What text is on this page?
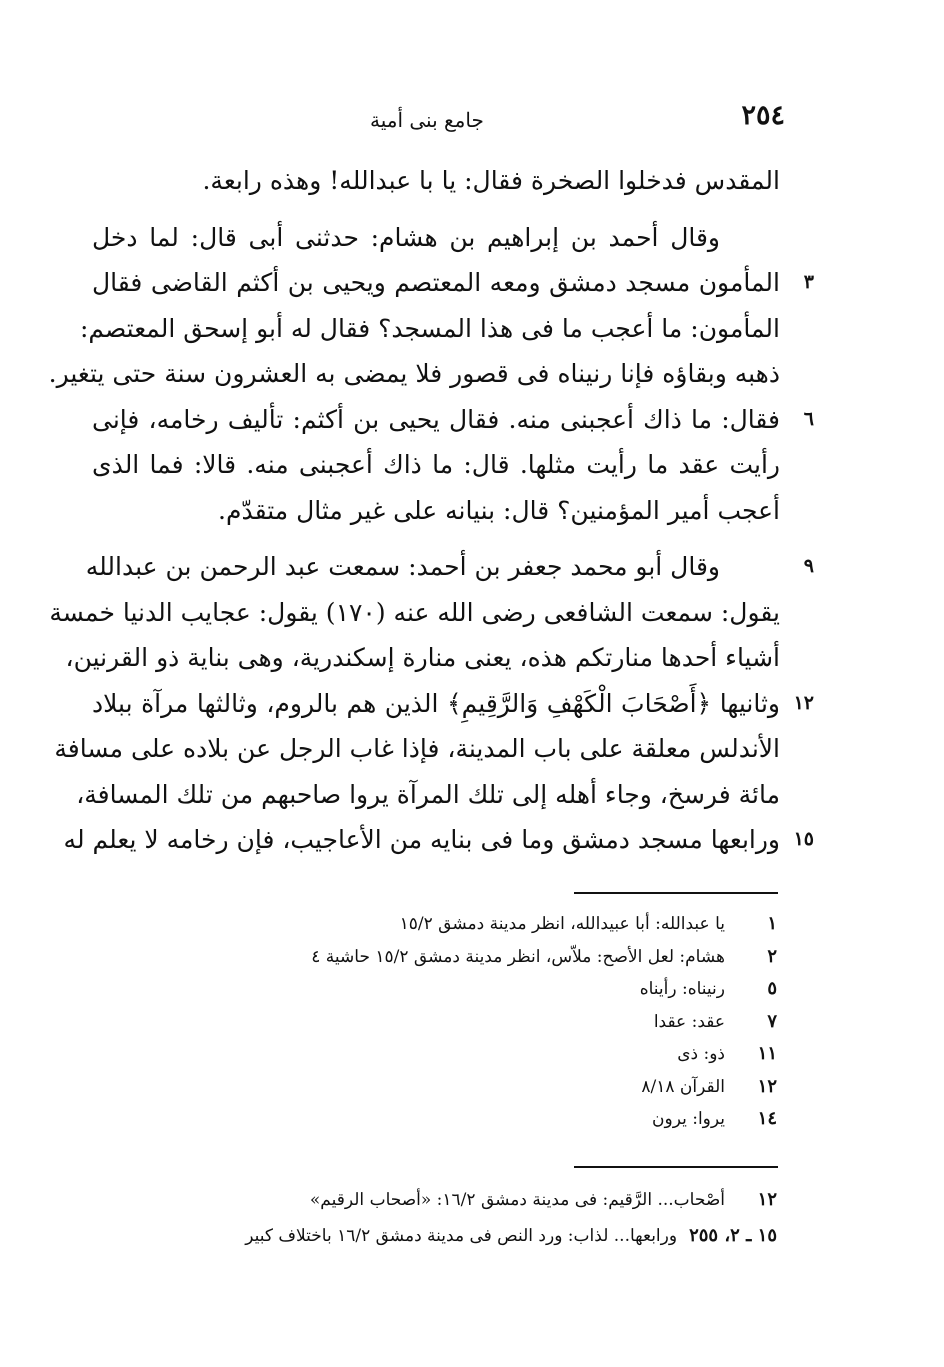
٢٥٤
جامع بنى أمية
المقدس فدخلوا الصخرة فقال: يا با عبدالله! وهذه رابعة.
وقال أحمد بن إبراهيم بن هشام: حدثنى أبى قال: لما دخل
٣
المأمون مسجد دمشق ومعه المعتصم ويحيى بن أكثم القاضى فقال
المأمون: ما أعجب ما فى هذا المسجد؟ فقال له أبو إسحق المعتصم:
ذهبه وبقاؤه فإنا رنيناه فى قصور فلا يمضى به العشرون سنة حتى يتغير.
٦
فقال: ما ذاك أعجبنى منه. فقال يحيى بن أكثم: تأليف رخامه، فإنى
رأيت عقد ما رأيت مثلها. قال: ما ذاك أعجبنى منه. قالا: فما الذى
أعجب أمير المؤمنين؟ قال: بنيانه على غير مثال متقدّم.
٩
وقال أبو محمد جعفر بن أحمد: سمعت عبد الرحمن بن عبدالله
يقول: سمعت الشافعى رضى الله عنه (١٧٠) يقول: عجايب الدنيا خمسة
أشياء أحدها منارتكم هذه، يعنى منارة إسكندرية، وهى بناية ذو القرنين،
١٢
وثانيها ﴿أَصْحَابَ الْكَهْفِ وَالرَّقِيمِ﴾ الذين هم بالروم، وثالثها مرآة ببلاد
الأندلس معلقة على باب المدينة، فإذا غاب الرجل عن بلاده على مسافة
مائة فرسخ، وجاء أهله إلى تلك المرآة يروا صاحبهم من تلك المسافة،
١٥
ورابعها مسجد دمشق وما فى بنايه من الأعاجيب، فإن رخامه لا يعلم له
١
يا عبدالله: أبا عبيدالله، انظر مدينة دمشق ١٥/٢
٢
هشام: لعل الأصح: ملاّس، انظر مدينة دمشق ١٥/٢ حاشية ٤
٥
رنيناه: رأيناه
٧
عقد: عقدا
١١
ذو: ذى
١٢
القرآن ٨/١٨
١٤
يروا: يرون
١٢
أصْحاب... الرَّقيم: فى مدينة دمشق ١٦/٢: «أصحاب الرقيم»
١٥ ـ ٢، ٢٥٥
ورابعها... لذاب: ورد النص فى مدينة دمشق ١٦/٢ باختلاف كبير
